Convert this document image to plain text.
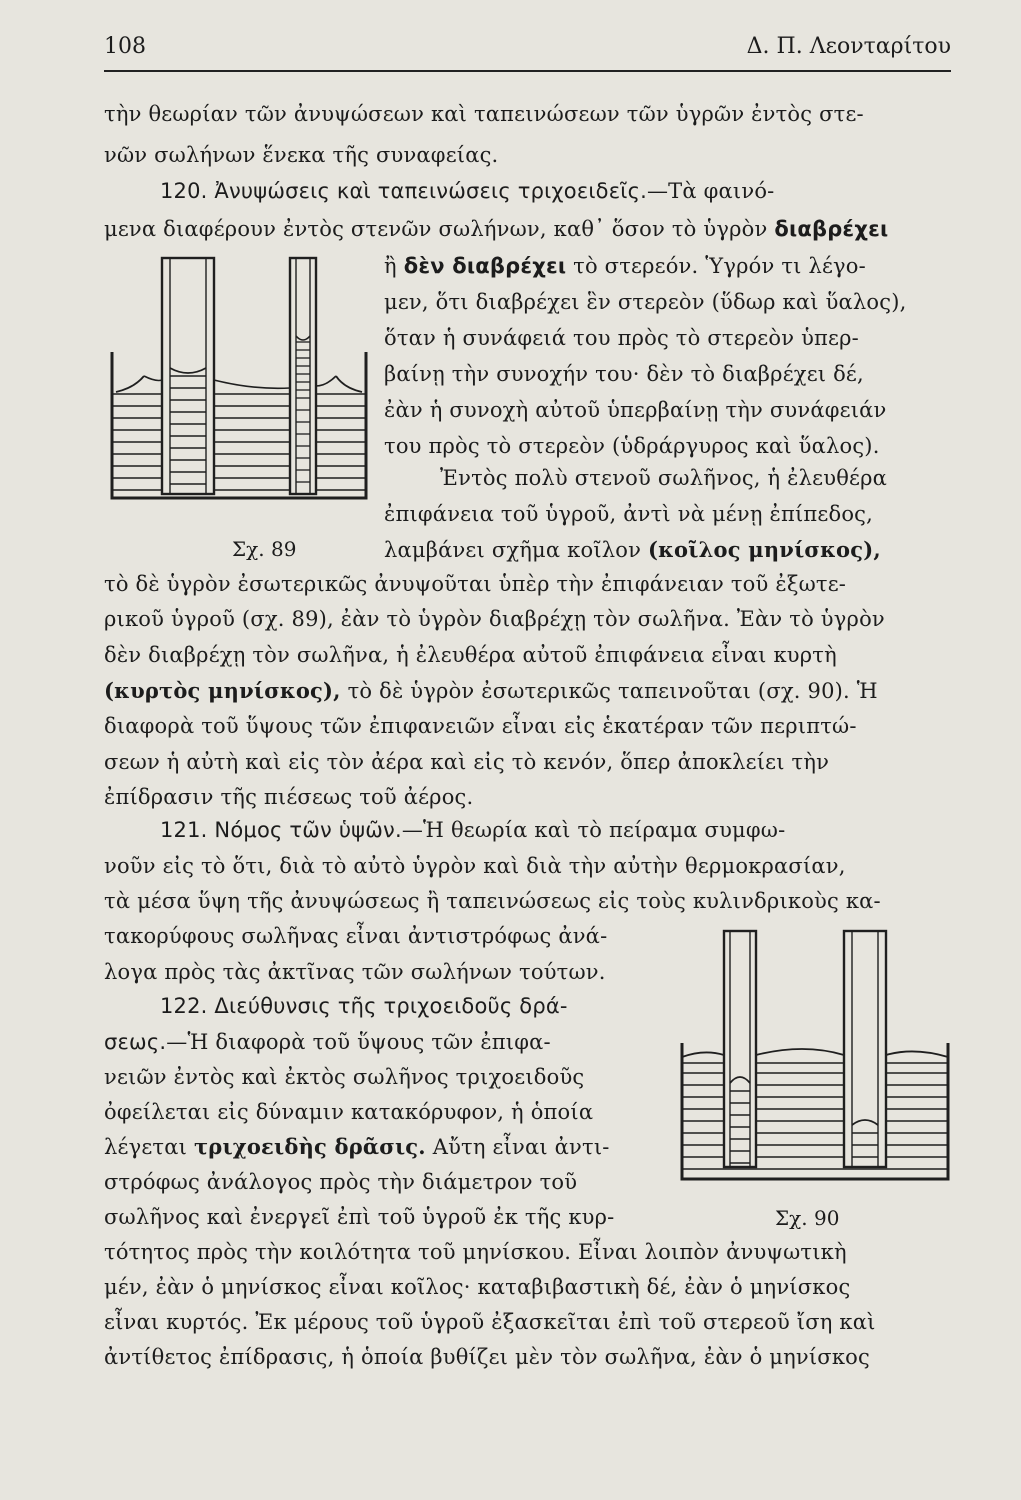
108	Δ. Π. Λεονταρίτου
τὴν θεωρίαν τῶν ἀνυψώσεων καὶ ταπεινώσεων τῶν ὑγρῶν ἐντὸς στε-
νῶν σωλήνων ἕνεκα τῆς συναφείας.
120. Ἀνυψώσεις καὶ ταπεινώσεις τριχοειδεῖς.—Τὰ φαινό-
μενα διαφέρουν ἐντὸς στενῶν σωλήνων, καθ᾽ ὅσον τὸ ὑγρὸν διαβρέχει
ἢ δὲν διαβρέχει τὸ στερεόν. Ὑγρόν τι λέγο-
μεν, ὅτι διαβρέχει ἓν στερεὸν (ὕδωρ καὶ ὕαλος),
ὅταν ἡ συνάφειά του πρὸς τὸ στερεὸν ὑπερ-
βαίνῃ τὴν συνοχήν του· δὲν τὸ διαβρέχει δέ,
ἐὰν ἡ συνοχὴ αὐτοῦ ὑπερβαίνῃ τὴν συνάφειάν
του πρὸς τὸ στερεὸν (ὑδράργυρος καὶ ὕαλος).
Ἐντὸς πολὺ στενοῦ σωλῆνος, ἡ ἐλευθέρα
ἐπιφάνεια τοῦ ὑγροῦ, ἀντὶ νὰ μένῃ ἐπίπεδος,
λαμβάνει σχῆμα κοῖλον (κοῖλος μηνίσκος),
τὸ δὲ ὑγρὸν ἐσωτερικῶς ἀνυψοῦται ὑπὲρ τὴν ἐπιφάνειαν τοῦ ἐξωτε-
ρικοῦ ὑγροῦ (σχ. 89), ἐὰν τὸ ὑγρὸν διαβρέχῃ τὸν σωλῆνα. Ἐὰν τὸ ὑγρὸν
δὲν διαβρέχῃ τὸν σωλῆνα, ἡ ἐλευθέρα αὐτοῦ ἐπιφάνεια εἶναι κυρτὴ
(κυρτὸς μηνίσκος), τὸ δὲ ὑγρὸν ἐσωτερικῶς ταπεινοῦται (σχ. 90). Ἡ
διαφορὰ τοῦ ὕψους τῶν ἐπιφανειῶν εἶναι εἰς ἑκατέραν τῶν περιπτώ-
σεων ἡ αὐτὴ καὶ εἰς τὸν ἀέρα καὶ εἰς τὸ κενόν, ὅπερ ἀποκλείει τὴν
ἐπίδρασιν τῆς πιέσεως τοῦ ἀέρος.
121. Νόμος τῶν ὑψῶν.—Ἡ θεωρία καὶ τὸ πείραμα συμφω-
νοῦν εἰς τὸ ὅτι, διὰ τὸ αὐτὸ ὑγρὸν καὶ διὰ τὴν αὐτὴν θερμοκρασίαν,
τὰ μέσα ὕψη τῆς ἀνυψώσεως ἢ ταπεινώσεως εἰς τοὺς κυλινδρικοὺς κα-
τακορύφους σωλῆνας εἶναι ἀντιστρόφως ἀνά-
λογα πρὸς τὰς ἀκτῖνας τῶν σωλήνων τούτων.
122. Διεύθυνσις τῆς τριχοειδοῦς δρά-
σεως.—Ἡ διαφορὰ τοῦ ὕψους τῶν ἐπιφα-
νειῶν ἐντὸς καὶ ἐκτὸς σωλῆνος τριχοειδοῦς
ὀφείλεται εἰς δύναμιν κατακόρυφον, ἡ ὁποία
λέγεται τριχοειδὴς δρᾶσις. Αὔτη εἶναι ἀντι-
στρόφως ἀνάλογος πρὸς τὴν διάμετρον τοῦ
σωλῆνος καὶ ἐνεργεῖ ἐπὶ τοῦ ὑγροῦ ἐκ τῆς κυρ-
τότητος πρὸς τὴν κοιλότητα τοῦ μηνίσκου. Εἶναι λοιπὸν ἀνυψωτικὴ
μέν, ἐὰν ὁ μηνίσκος εἶναι κοῖλος· καταβιβαστικὴ δέ, ἐὰν ὁ μηνίσκος
εἶναι κυρτός. Ἐκ μέρους τοῦ ὑγροῦ ἐξασκεῖται ἐπὶ τοῦ στερεοῦ ἴση καὶ
ἀντίθετος ἐπίδρασις, ἡ ὁποία βυθίζει μὲν τὸν σωλῆνα, ἐὰν ὁ μηνίσκος
Σχ. 89
Σχ. 90
